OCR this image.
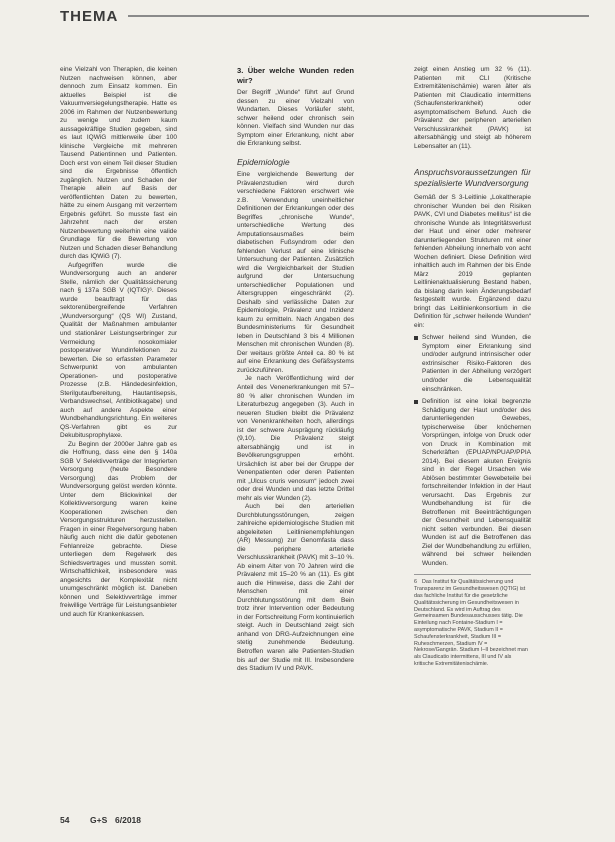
THEMA

eine Vielzahl von Therapien, die keinen Nutzen nachweisen können, aber dennoch zum Einsatz kommen. Ein aktuelles Beispiel ist die Vakuumversiegelungstherapie. Hatte es 2006 im Rahmen der Nutzenbewertung zu wenige und zudem kaum aussagekräftige Studien gegeben, sind es laut IQWiG mittlerweile über 100 klinische Vergleiche mit mehreren Tausend Patientinnen und Patienten. Doch erst von einem Teil dieser Studien sind die Ergebnisse öffentlich zugänglich. Nutzen und Schaden der Therapie allein auf Basis der veröffentlichten Daten zu bewerten, hätte zu einem Ausgang mit verzerrtem Ergebnis geführt. So musste fast ein Jahrzehnt nach der ersten Nutzenbewertung weiterhin eine valide Grundlage für die Bewertung von Nutzen und Schaden dieser Behandlung durch das IQWiG (7).

Aufgegriffen wurde die Wundversorgung auch an anderer Stelle, nämlich der Qualitätssicherung nach § 137a SGB V (IQTIG)⁶. Dieses wurde beauftragt für das sektorenübergreifende Verfahren „Wundversorgung“ (QS WI) Zustand, Qualität der Maßnahmen ambulanter und stationärer Leistungserbringer zur Vermeidung nosokomialer postoperativer Wundinfektionen zu bewerten. Die so erfassten Parameter Schwerpunkt von ambulanten Operationen- und postoperative Prozesse (z.B. Händedesinfektion, Sterilgutaufbereitung, Hautantisepsis, Verbandswechsel, Antibiotikagabe) und auch auf andere Aspekte einer Wundbehandlungsrichtung. Ein weiteres QS-Verfahren gibt es zur Dekubitusprophylaxe.

Zu Beginn der 2000er Jahre gab es die Hoffnung, dass eine den § 140a SGB V Selektivverträge der Integrierten Versorgung (heute Besondere Versorgung) das Problem der Wundversorgung gelöst werden könnte. Unter dem Blickwinkel der Kollektivversorgung waren keine Kooperationen zwischen den Versorgungsstrukturen herzustellen. Fragen in einer Regelversorgung haben häufig auch nicht die dafür gebotenen Fehlanreize gebrachte. Diese unterliegen dem Regelwerk des Schiedsvertrages und mussten somit. Wirtschaftlichkeit, insbesondere was angesichts der Komplexität nicht unumgeschränkt möglich ist. Daneben können und Selektivverträge immer freiwillige Verträge für Leistungsanbieter und auch für Krankenkassen.

3. Über welche Wunden reden wir?

Der Begriff „Wunde“ führt auf Grund dessen zu einer Vielzahl von Wundarten. Dieses Vorläufer steht, schwer heilend oder chronisch sein können. Vielfach sind Wunden nur das Symptom einer Erkrankung, nicht aber die Erkrankung selbst.

Epidemiologie

Eine vergleichende Bewertung der Prävalenzstudien wird durch verschiedene Faktoren erschwert wie z.B. Verwendung uneinheitlicher Definitionen der Erkrankungen oder des Begriffes „chronische Wunde“, unterschiedliche Wertung des Amputationsausmaßes beim diabetischen Fußsyndrom oder den fehlenden Verlust auf eine klinische Untersuchung der Patienten. Zusätzlich wird die Vergleichbarkeit der Studien aufgrund der Untersuchung unterschiedlicher Populationen und Altersgruppen eingeschränkt (2). Deshalb sind verlässliche Daten zur Epidemiologie, Prävalenz und Inzidenz kaum zu ermitteln. Nach Angaben des Bundesministeriums für Gesundheit leben in Deutschland 3 bis 4 Millionen Menschen mit chronischen Wunden (8). Der weitaus größte Anteil ca. 80 % ist auf eine Erkrankung des Gefäßsystems zurückzuführen.

Je nach Veröffentlichung wird der Anteil des Venenerkrankungen mit 57–80 % aller chronischen Wunden im Literaturbezug angegeben (3). Auch in neueren Studien bleibt die Prävalenz von Venenkrankheiten hoch, allerdings ist der schwere Ausprägung rückläufig (9,10). Die Prävalenz steigt altersabhängig und ist in Bevölkerungsgruppen erhöht. Ursächlich ist aber bei der Gruppe der Venenpatienten oder deren Patienten mit „Ulcus cruris venosum“ jedoch zwei oder drei Wunden und das letzte Drittel mehr als vier Wunden (2).

Auch bei den arteriellen Durchblutungsstörungen, zeigen zahlreiche epidemiologische Studien mit abgeleiteten Leitlinienempfehlungen (AR) Messung) zur Genomfasta dass die periphere arterielle Verschlusskrankheit (PAVK) mit 3–10 %. Ab einem Alter von 70 Jahren wird die Prävalenz mit 15–20 % an (11). Es gibt auch die Hinweise, dass die Zahl der Menschen mit einer Durchblutungsstörung mit dem Bein trotz ihrer Intervention oder Bedeutung in der Fortschreitung Form kontinuierlich steigt. Auch in Deutschland zeigt sich anhand von DRG-Aufzeichnungen eine stetig zunehmende Bedeutung. Betroffen waren alle Patienten-Studien bis auf der Studie mit III. Insbesondere des Stadium IV und PAVK.

zeigt einen Anstieg um 32 % (11). Patienten mit CLI (Kritische Extremitätenischämie) waren älter als Patienten mit Claudicatio intermittens (Schaufensterkrankheit) oder asymptomatischem Befund. Auch die Prävalenz der peripheren arteriellen Verschlusskrankheit (PAVK) ist altersabhängig und steigt ab höherem Lebensalter an (11).

Anspruchsvoraussetzungen für spezialisierte Wundversorgung

Gemäß der S 3-Leitlinie „Lokaltherapie chronischer Wunden bei den Risiken PAVK, CVI und Diabetes mellitus“ ist die chronische Wunde als Integritätsverlust der Haut und einer oder mehrerer darunterliegenden Strukturen mit einer fehlenden Abheilung innerhalb von acht Wochen definiert. Diese Definition wird inhaltlich auch im Rahmen der bis Ende März 2019 geplanten Leitlinienaktualisierung Bestand haben, da bislang darin kein Änderungsbedarf festgestellt wurde. Ergänzend dazu bringt das Leitlinienkonsortium in die Definition für „schwer heilende Wunden“ ein:

Schwer heilend sind Wunden, die Symptom einer Erkrankung sind und/oder aufgrund intrinsischer oder extrinsischer Risiko-Faktoren des Patienten in der Abheilung verzögert und/oder die Lebensqualität einschränken.
Definition ist eine lokal begrenzte Schädigung der Haut und/oder des darunterliegenden Gewebes, typischerweise über knöchernen Vorsprüngen, infolge von Druck oder von Druck in Kombination mit Scherkräften (EPUAP/NPUAP/PPIA 2014). Bei diesem akuten Ereignis sind in der Regel Ursachen wie Ablösen bestimmter Gewebeteile bei fortschreitender Infektion in der Haut verursacht. Das Ergebnis zur Wundbehandlung ist für die Betroffenen mit Beeinträchtigungen der Gesundheit und Lebensqualität nicht selten verbunden. Bei diesen Wunden ist auf die Betroffenen das Ziel der Wundbehandlung zu erfüllen, während bei schwer heilenden Wunden.
6 Das Institut für Qualitätssicherung und Transparenz im Gesundheitswesen (IQTIG) ist das fachliche Institut für die gesetzliche Qualitätssicherung im Gesundheitswesen in Deutschland. Es wird im Auftrag des Gemeinsamen Bundesausschusses tätig. Die Einteilung nach Fontaine-Stadium I = asymptomatische PAVK, Stadium II = Schaufensterkrankheit, Stadium III = Ruheschmerzen, Stadium IV = Nekrose/Gangrän. Stadium I–II bezeichnet man als Claudicatio intermittens, III und IV als kritische Extremitätenischämie.
54 G+S 6/2018
